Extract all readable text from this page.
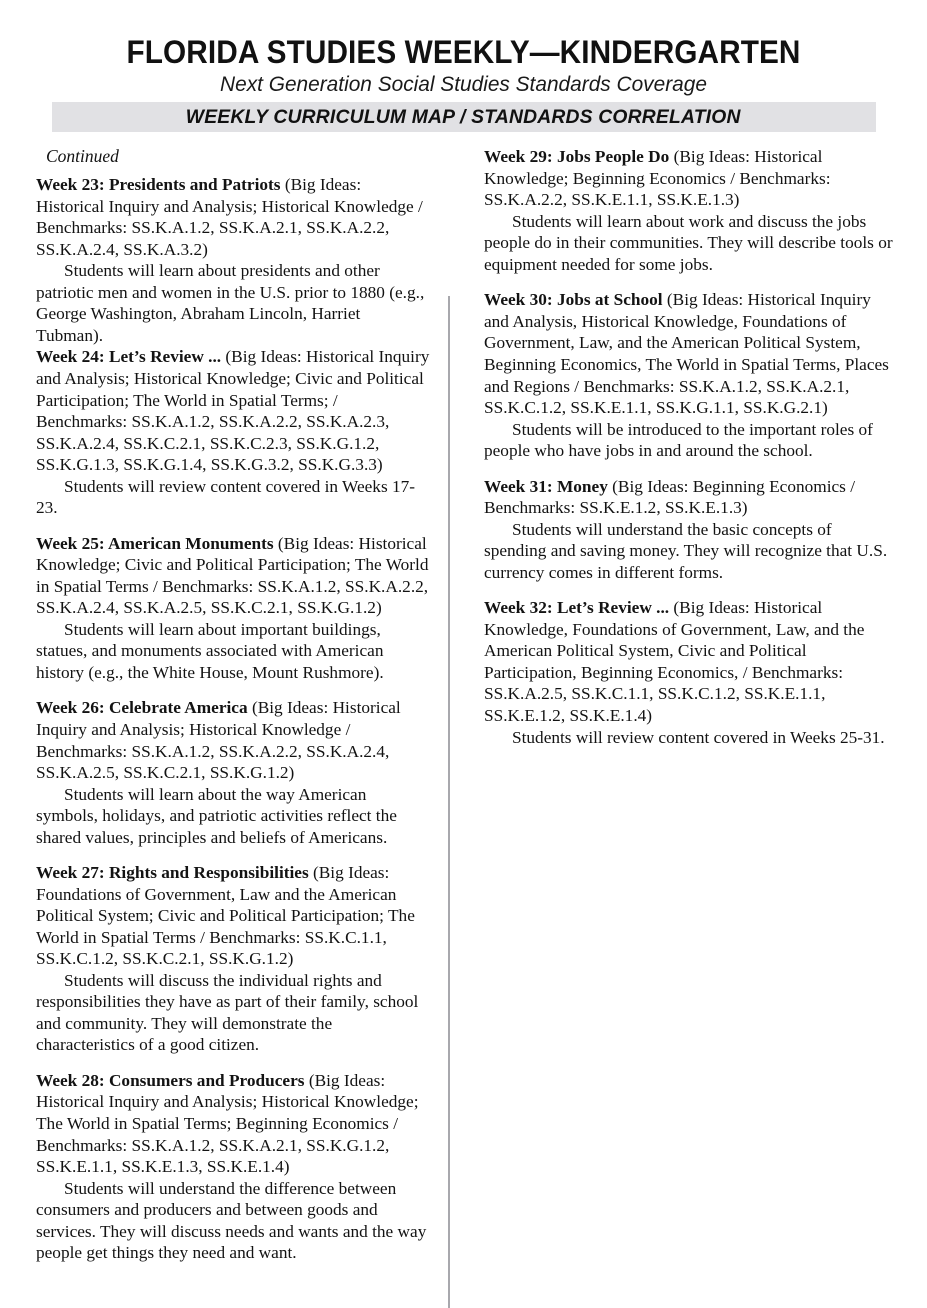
FLORIDA STUDIES WEEKLY—KINDERGARTEN
Next Generation Social Studies Standards Coverage
WEEKLY CURRICULUM MAP / STANDARDS CORRELATION
Continued

Week 23: Presidents and Patriots (Big Ideas: Historical Inquiry and Analysis; Historical Knowledge / Benchmarks: SS.K.A.1.2, SS.K.A.2.1, SS.K.A.2.2, SS.K.A.2.4, SS.K.A.3.2)

Students will learn about presidents and other patriotic men and women in the U.S. prior to 1880 (e.g., George Washington, Abraham Lincoln, Harriet Tubman).

Week 24: Let’s Review ... (Big Ideas: Historical Inquiry and Analysis; Historical Knowledge; Civic and Political Participation; The World in Spatial Terms; / Benchmarks: SS.K.A.1.2, SS.K.A.2.2, SS.K.A.2.3, SS.K.A.2.4, SS.K.C.2.1, SS.K.C.2.3, SS.K.G.1.2, SS.K.G.1.3, SS.K.G.1.4, SS.K.G.3.2, SS.K.G.3.3)

Students will review content covered in Weeks 17-23.

Week 25: American Monuments (Big Ideas: Historical Knowledge; Civic and Political Participation; The World in Spatial Terms / Benchmarks: SS.K.A.1.2, SS.K.A.2.2, SS.K.A.2.4, SS.K.A.2.5, SS.K.C.2.1, SS.K.G.1.2)

Students will learn about important buildings, statues, and monuments associated with American history (e.g., the White House, Mount Rushmore).

Week 26: Celebrate America (Big Ideas: Historical Inquiry and Analysis; Historical Knowledge / Benchmarks: SS.K.A.1.2, SS.K.A.2.2, SS.K.A.2.4, SS.K.A.2.5, SS.K.C.2.1, SS.K.G.1.2)

Students will learn about the way American symbols, holidays, and patriotic activities reflect the shared values, principles and beliefs of Americans.

Week 27: Rights and Responsibilities (Big Ideas: Foundations of Government, Law and the American Political System; Civic and Political Participation; The World in Spatial Terms / Benchmarks: SS.K.C.1.1, SS.K.C.1.2, SS.K.C.2.1, SS.K.G.1.2)

Students will discuss the individual rights and responsibilities they have as part of their family, school and community. They will demonstrate the characteristics of a good citizen.

Week 28: Consumers and Producers (Big Ideas: Historical Inquiry and Analysis; Historical Knowledge; The World in Spatial Terms; Beginning Economics / Benchmarks: SS.K.A.1.2, SS.K.A.2.1, SS.K.G.1.2, SS.K.E.1.1, SS.K.E.1.3, SS.K.E.1.4)

Students will understand the difference between consumers and producers and between goods and services. They will discuss needs and wants and the way people get things they need and want.

Week 29: Jobs People Do (Big Ideas: Historical Knowledge; Beginning Economics / Benchmarks: SS.K.A.2.2, SS.K.E.1.1, SS.K.E.1.3)

Students will learn about work and discuss the jobs people do in their communities. They will describe tools or equipment needed for some jobs.

Week 30: Jobs at School (Big Ideas: Historical Inquiry and Analysis, Historical Knowledge, Foundations of Government, Law, and the American Political System, Beginning Economics, The World in Spatial Terms, Places and Regions / Benchmarks: SS.K.A.1.2, SS.K.A.2.1, SS.K.C.1.2, SS.K.E.1.1, SS.K.G.1.1, SS.K.G.2.1)

Students will be introduced to the important roles of people who have jobs in and around the school.

Week 31: Money (Big Ideas: Beginning Economics / Benchmarks: SS.K.E.1.2, SS.K.E.1.3)

Students will understand the basic concepts of spending and saving money. They will recognize that U.S. currency comes in different forms.

Week 32: Let’s Review ... (Big Ideas: Historical Knowledge, Foundations of Government, Law, and the American Political System, Civic and Political Participation, Beginning Economics, / Benchmarks: SS.K.A.2.5, SS.K.C.1.1, SS.K.C.1.2, SS.K.E.1.1, SS.K.E.1.2, SS.K.E.1.4)

Students will review content covered in Weeks 25-31.
